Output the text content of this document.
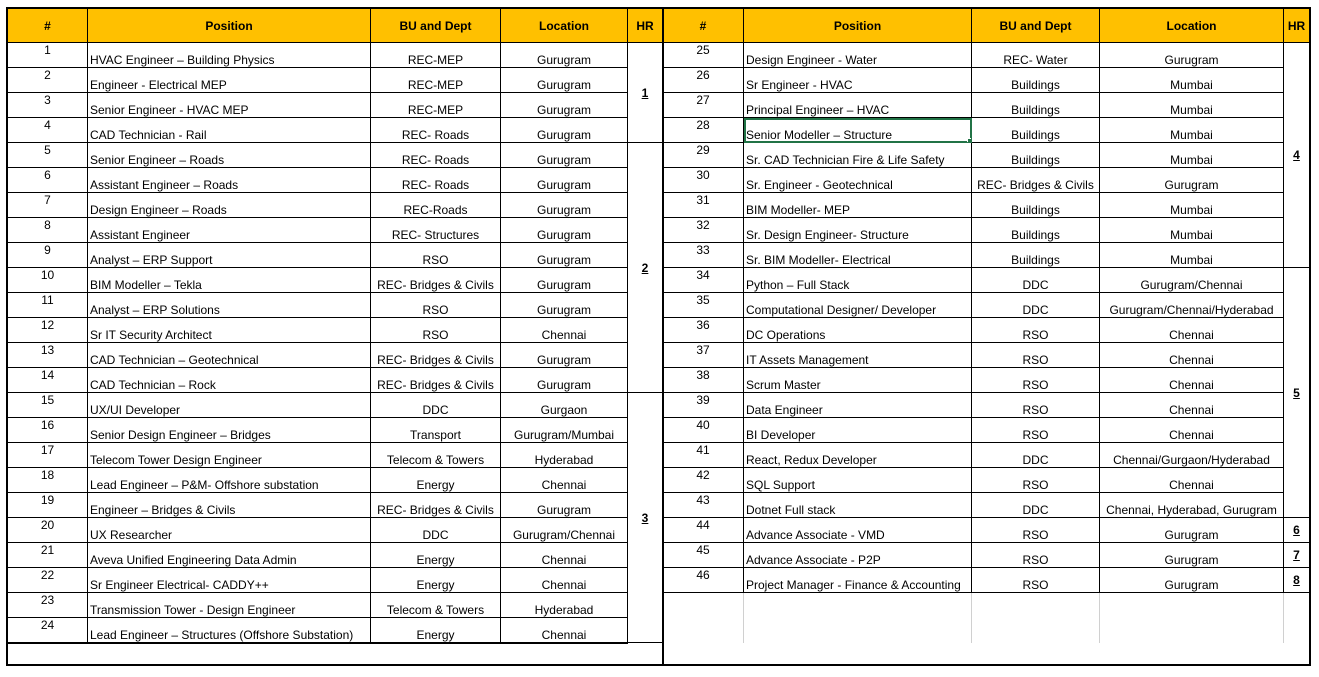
#	Position	BU and Dept	Location	HR	#	Position	BU and Dept	Location	HR
1	HVAC Engineer – Building Physics	REC-MEP	Gurugram	1	25	Design Engineer - Water	REC- Water	Gurugram	4
2	Engineer - Electrical MEP	REC-MEP	Gurugram		26	Sr Engineer - HVAC	Buildings	Mumbai	
3	Senior Engineer - HVAC MEP	REC-MEP	Gurugram		27	Principal Engineer – HVAC	Buildings	Mumbai	
4	CAD Technician - Rail	REC- Roads	Gurugram		28	Senior Modeller – Structure	Buildings	Mumbai	
5	Senior Engineer – Roads	REC- Roads	Gurugram	2	29	Sr. CAD Technician Fire & Life Safety	Buildings	Mumbai	
6	Assistant Engineer – Roads	REC- Roads	Gurugram		30	Sr. Engineer - Geotechnical	REC- Bridges & Civils	Gurugram	
7	Design Engineer – Roads	REC-Roads	Gurugram		31	BIM Modeller- MEP	Buildings	Mumbai	
8	Assistant Engineer	REC- Structures	Gurugram		32	Sr. Design Engineer- Structure	Buildings	Mumbai	
9	Analyst – ERP Support	RSO	Gurugram		33	Sr. BIM Modeller- Electrical	Buildings	Mumbai	
10	BIM Modeller – Tekla	REC- Bridges & Civils	Gurugram		34	Python – Full Stack	DDC	Gurugram/Chennai	5
11	Analyst – ERP Solutions	RSO	Gurugram		35	Computational Designer/ Developer	DDC	Gurugram/Chennai/Hyderabad	
12	Sr IT Security Architect	RSO	Chennai		36	DC Operations	RSO	Chennai	
13	CAD Technician – Geotechnical	REC- Bridges & Civils	Gurugram		37	IT Assets Management	RSO	Chennai	
14	CAD Technician – Rock	REC- Bridges & Civils	Gurugram		38	Scrum Master	RSO	Chennai	
15	UX/UI Developer	DDC	Gurgaon	3	39	Data Engineer	RSO	Chennai	
16	Senior Design Engineer – Bridges	Transport	Gurugram/Mumbai		40	BI Developer	RSO	Chennai	
17	Telecom Tower Design Engineer	Telecom & Towers	Hyderabad		41	React, Redux Developer	DDC	Chennai/Gurgaon/Hyderabad	
18	Lead Engineer – P&M- Offshore substation	Energy	Chennai		42	SQL Support	RSO	Chennai	
19	Engineer – Bridges & Civils	REC- Bridges & Civils	Gurugram		43	Dotnet Full stack	DDC	Chennai, Hyderabad, Gurugram	
20	UX Researcher	DDC	Gurugram/Chennai		44	Advance Associate - VMD	RSO	Gurugram	6
21	Aveva Unified Engineering Data Admin	Energy	Chennai		45	Advance Associate - P2P	RSO	Gurugram	7
22	Sr Engineer Electrical- CADDY++	Energy	Chennai		46	Project Manager - Finance & Accounting	RSO	Gurugram	8
23	Transmission Tower - Design Engineer	Telecom & Towers	Hyderabad						
24	Lead Engineer – Structures (Offshore Substation)	Energy	Chennai						
